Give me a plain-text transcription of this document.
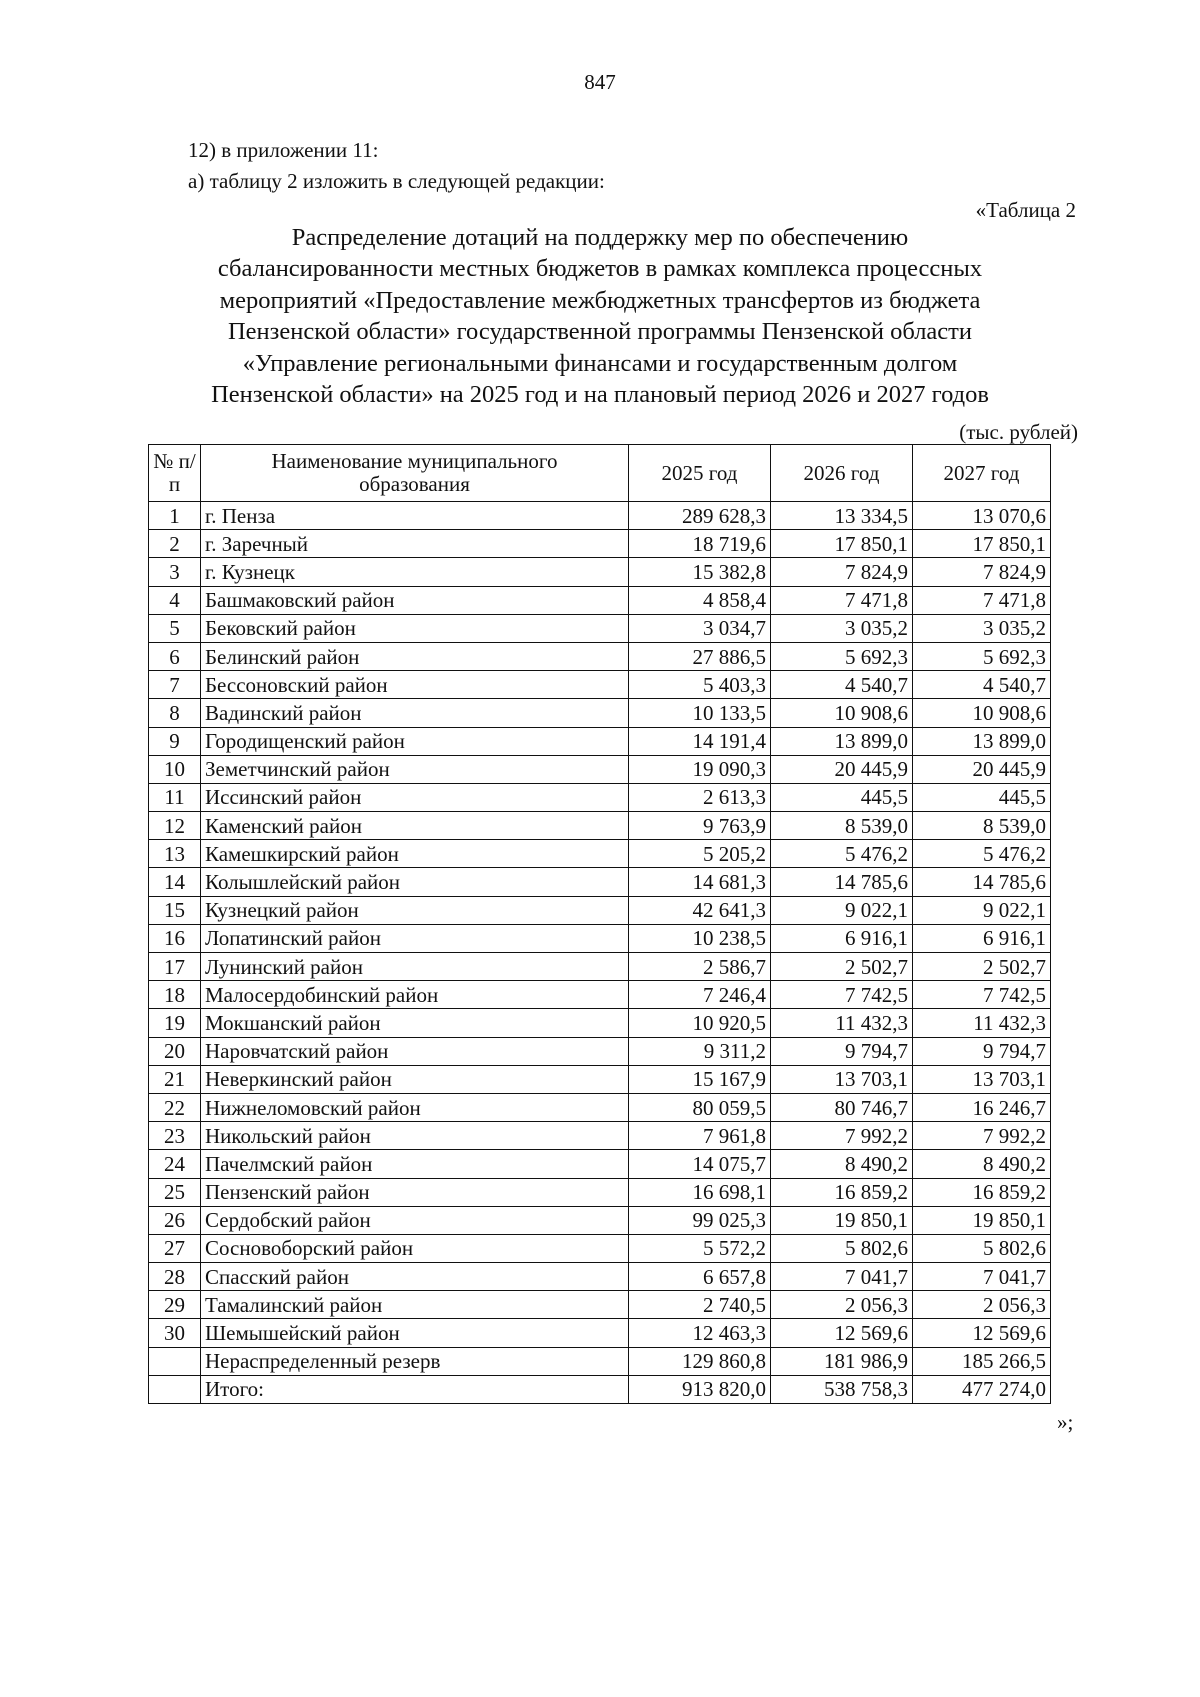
847
12) в приложении 11:
а) таблицу 2 изложить в следующей редакции:
«Таблица 2
Распределение дотаций на поддержку мер по обеспечению
сбалансированности местных бюджетов в рамках комплекса процессных
мероприятий «Предоставление межбюджетных трансфертов из бюджета
Пензенской области» государственной программы Пензенской области
«Управление региональными финансами и государственным долгом
Пензенской области» на 2025 год и на плановый период 2026 и 2027 годов
(тыс. рублей)
№ п/п	Наименование муниципального образования	2025 год	2026 год	2027 год
1	г. Пенза	289 628,3	13 334,5	13 070,6
2	г. Заречный	18 719,6	17 850,1	17 850,1
3	г. Кузнецк	15 382,8	7 824,9	7 824,9
4	Башмаковский район	4 858,4	7 471,8	7 471,8
5	Бековский район	3 034,7	3 035,2	3 035,2
6	Белинский район	27 886,5	5 692,3	5 692,3
7	Бессоновский район	5 403,3	4 540,7	4 540,7
8	Вадинский район	10 133,5	10 908,6	10 908,6
9	Городищенский район	14 191,4	13 899,0	13 899,0
10	Земетчинский район	19 090,3	20 445,9	20 445,9
11	Иссинский район	2 613,3	445,5	445,5
12	Каменский район	9 763,9	8 539,0	8 539,0
13	Камешкирский район	5 205,2	5 476,2	5 476,2
14	Колышлейский район	14 681,3	14 785,6	14 785,6
15	Кузнецкий район	42 641,3	9 022,1	9 022,1
16	Лопатинский район	10 238,5	6 916,1	6 916,1
17	Лунинский район	2 586,7	2 502,7	2 502,7
18	Малосердобинский район	7 246,4	7 742,5	7 742,5
19	Мокшанский район	10 920,5	11 432,3	11 432,3
20	Наровчатский район	9 311,2	9 794,7	9 794,7
21	Неверкинский район	15 167,9	13 703,1	13 703,1
22	Нижнеломовский район	80 059,5	80 746,7	16 246,7
23	Никольский район	7 961,8	7 992,2	7 992,2
24	Пачелмский район	14 075,7	8 490,2	8 490,2
25	Пензенский район	16 698,1	16 859,2	16 859,2
26	Сердобский район	99 025,3	19 850,1	19 850,1
27	Сосновоборский район	5 572,2	5 802,6	5 802,6
28	Спасский район	6 657,8	7 041,7	7 041,7
29	Тамалинский район	2 740,5	2 056,3	2 056,3
30	Шемышейский район	12 463,3	12 569,6	12 569,6
	Нераспределенный резерв	129 860,8	181 986,9	185 266,5
	Итого:	913 820,0	538 758,3	477 274,0
»;
